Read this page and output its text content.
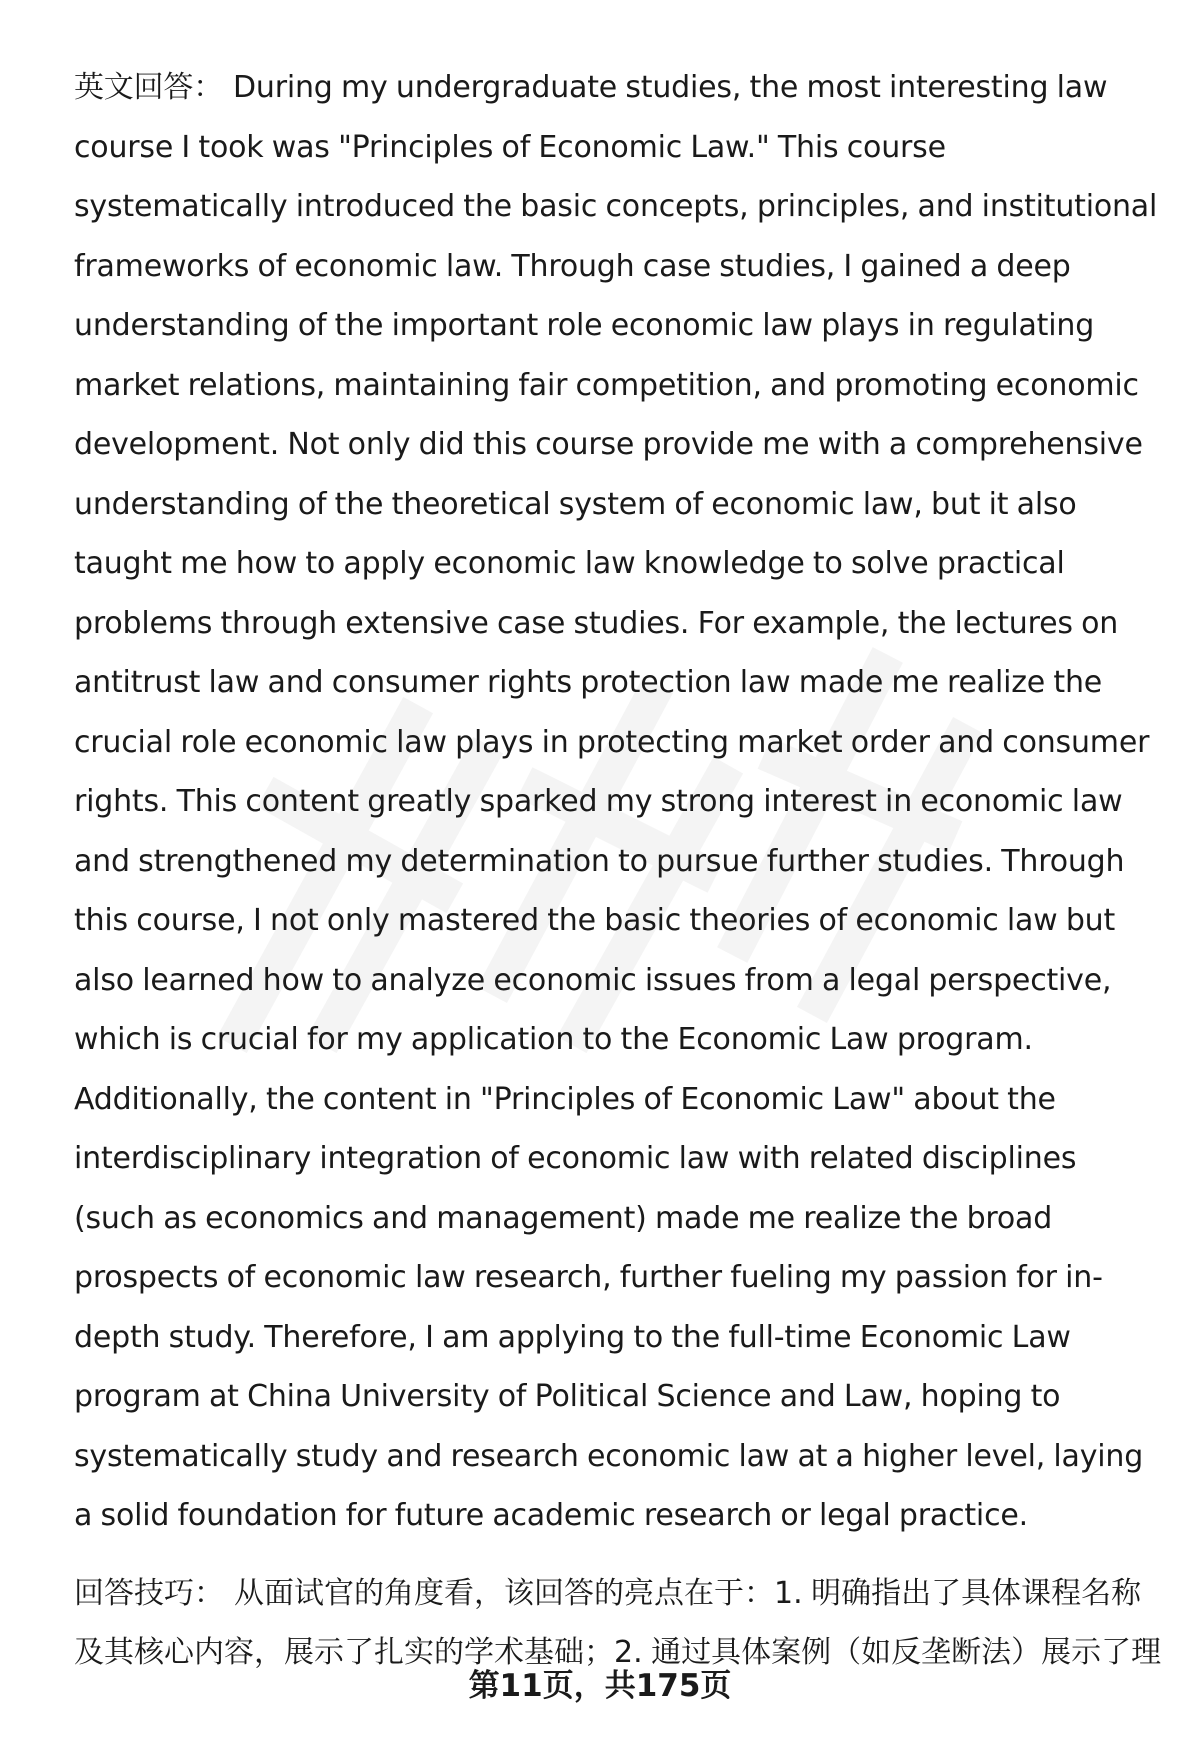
英文回答： During my undergraduate studies, the most interesting law course I took was "Principles of Economic Law." This course systematically introduced the basic concepts, principles, and institutional frameworks of economic law. Through case studies, I gained a deep understanding of the important role economic law plays in regulating market relations, maintaining fair competition, and promoting economic development. Not only did this course provide me with a comprehensive understanding of the theoretical system of economic law, but it also taught me how to apply economic law knowledge to solve practical problems through extensive case studies. For example, the lectures on antitrust law and consumer rights protection law made me realize the crucial role economic law plays in protecting market order and consumer rights. This content greatly sparked my strong interest in economic law and strengthened my determination to pursue further studies. Through this course, I not only mastered the basic theories of economic law but also learned how to analyze economic issues from a legal perspective, which is crucial for my application to the Economic Law program. Additionally, the content in "Principles of Economic Law" about the interdisciplinary integration of economic law with related disciplines (such as economics and management) made me realize the broad prospects of economic law research, further fueling my passion for in-depth study. Therefore, I am applying to the full-time Economic Law program at China University of Political Science and Law, hoping to systematically study and research economic law at a higher level, laying a solid foundation for future academic research or legal practice.

回答技巧： 从面试官的角度看，该回答的亮点在于：1. 明确指出了具体课程名称及其核心内容，展示了扎实的学术基础；2. 通过具体案例（如反垄断法）展示了理

第11页，共175页
